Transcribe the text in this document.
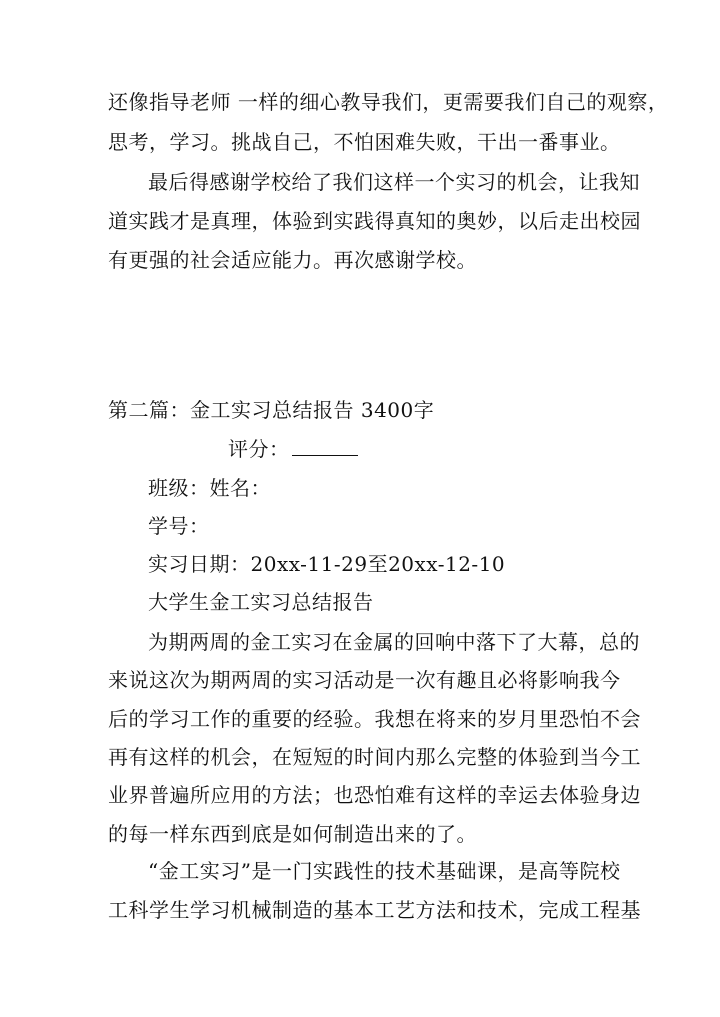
还像指导老师 一样的细心教导我们，更需要我们自己的观察，
思考，学习。挑战自己，不怕困难失败，干出一番事业。
最后得感谢学校给了我们这样一个实习的机会，让我知
道实践才是真理，体验到实践得真知的奥妙，以后走出校园
有更强的社会适应能力。再次感谢学校。
第二篇：金工实习总结报告 3400字
评分：
班级：姓名：
学号：
实习日期：20xx-11-29至20xx-12-10
大学生金工实习总结报告
为期两周的金工实习在金属的回响中落下了大幕，总的
来说这次为期两周的实习活动是一次有趣且必将影响我今
后的学习工作的重要的经验。我想在将来的岁月里恐怕不会
再有这样的机会，在短短的时间内那么完整的体验到当今工
业界普遍所应用的方法；也恐怕难有这样的幸运去体验身边
的每一样东西到底是如何制造出来的了。
“金工实习”是一门实践性的技术基础课，是高等院校
工科学生学习机械制造的基本工艺方法和技术，完成工程基
